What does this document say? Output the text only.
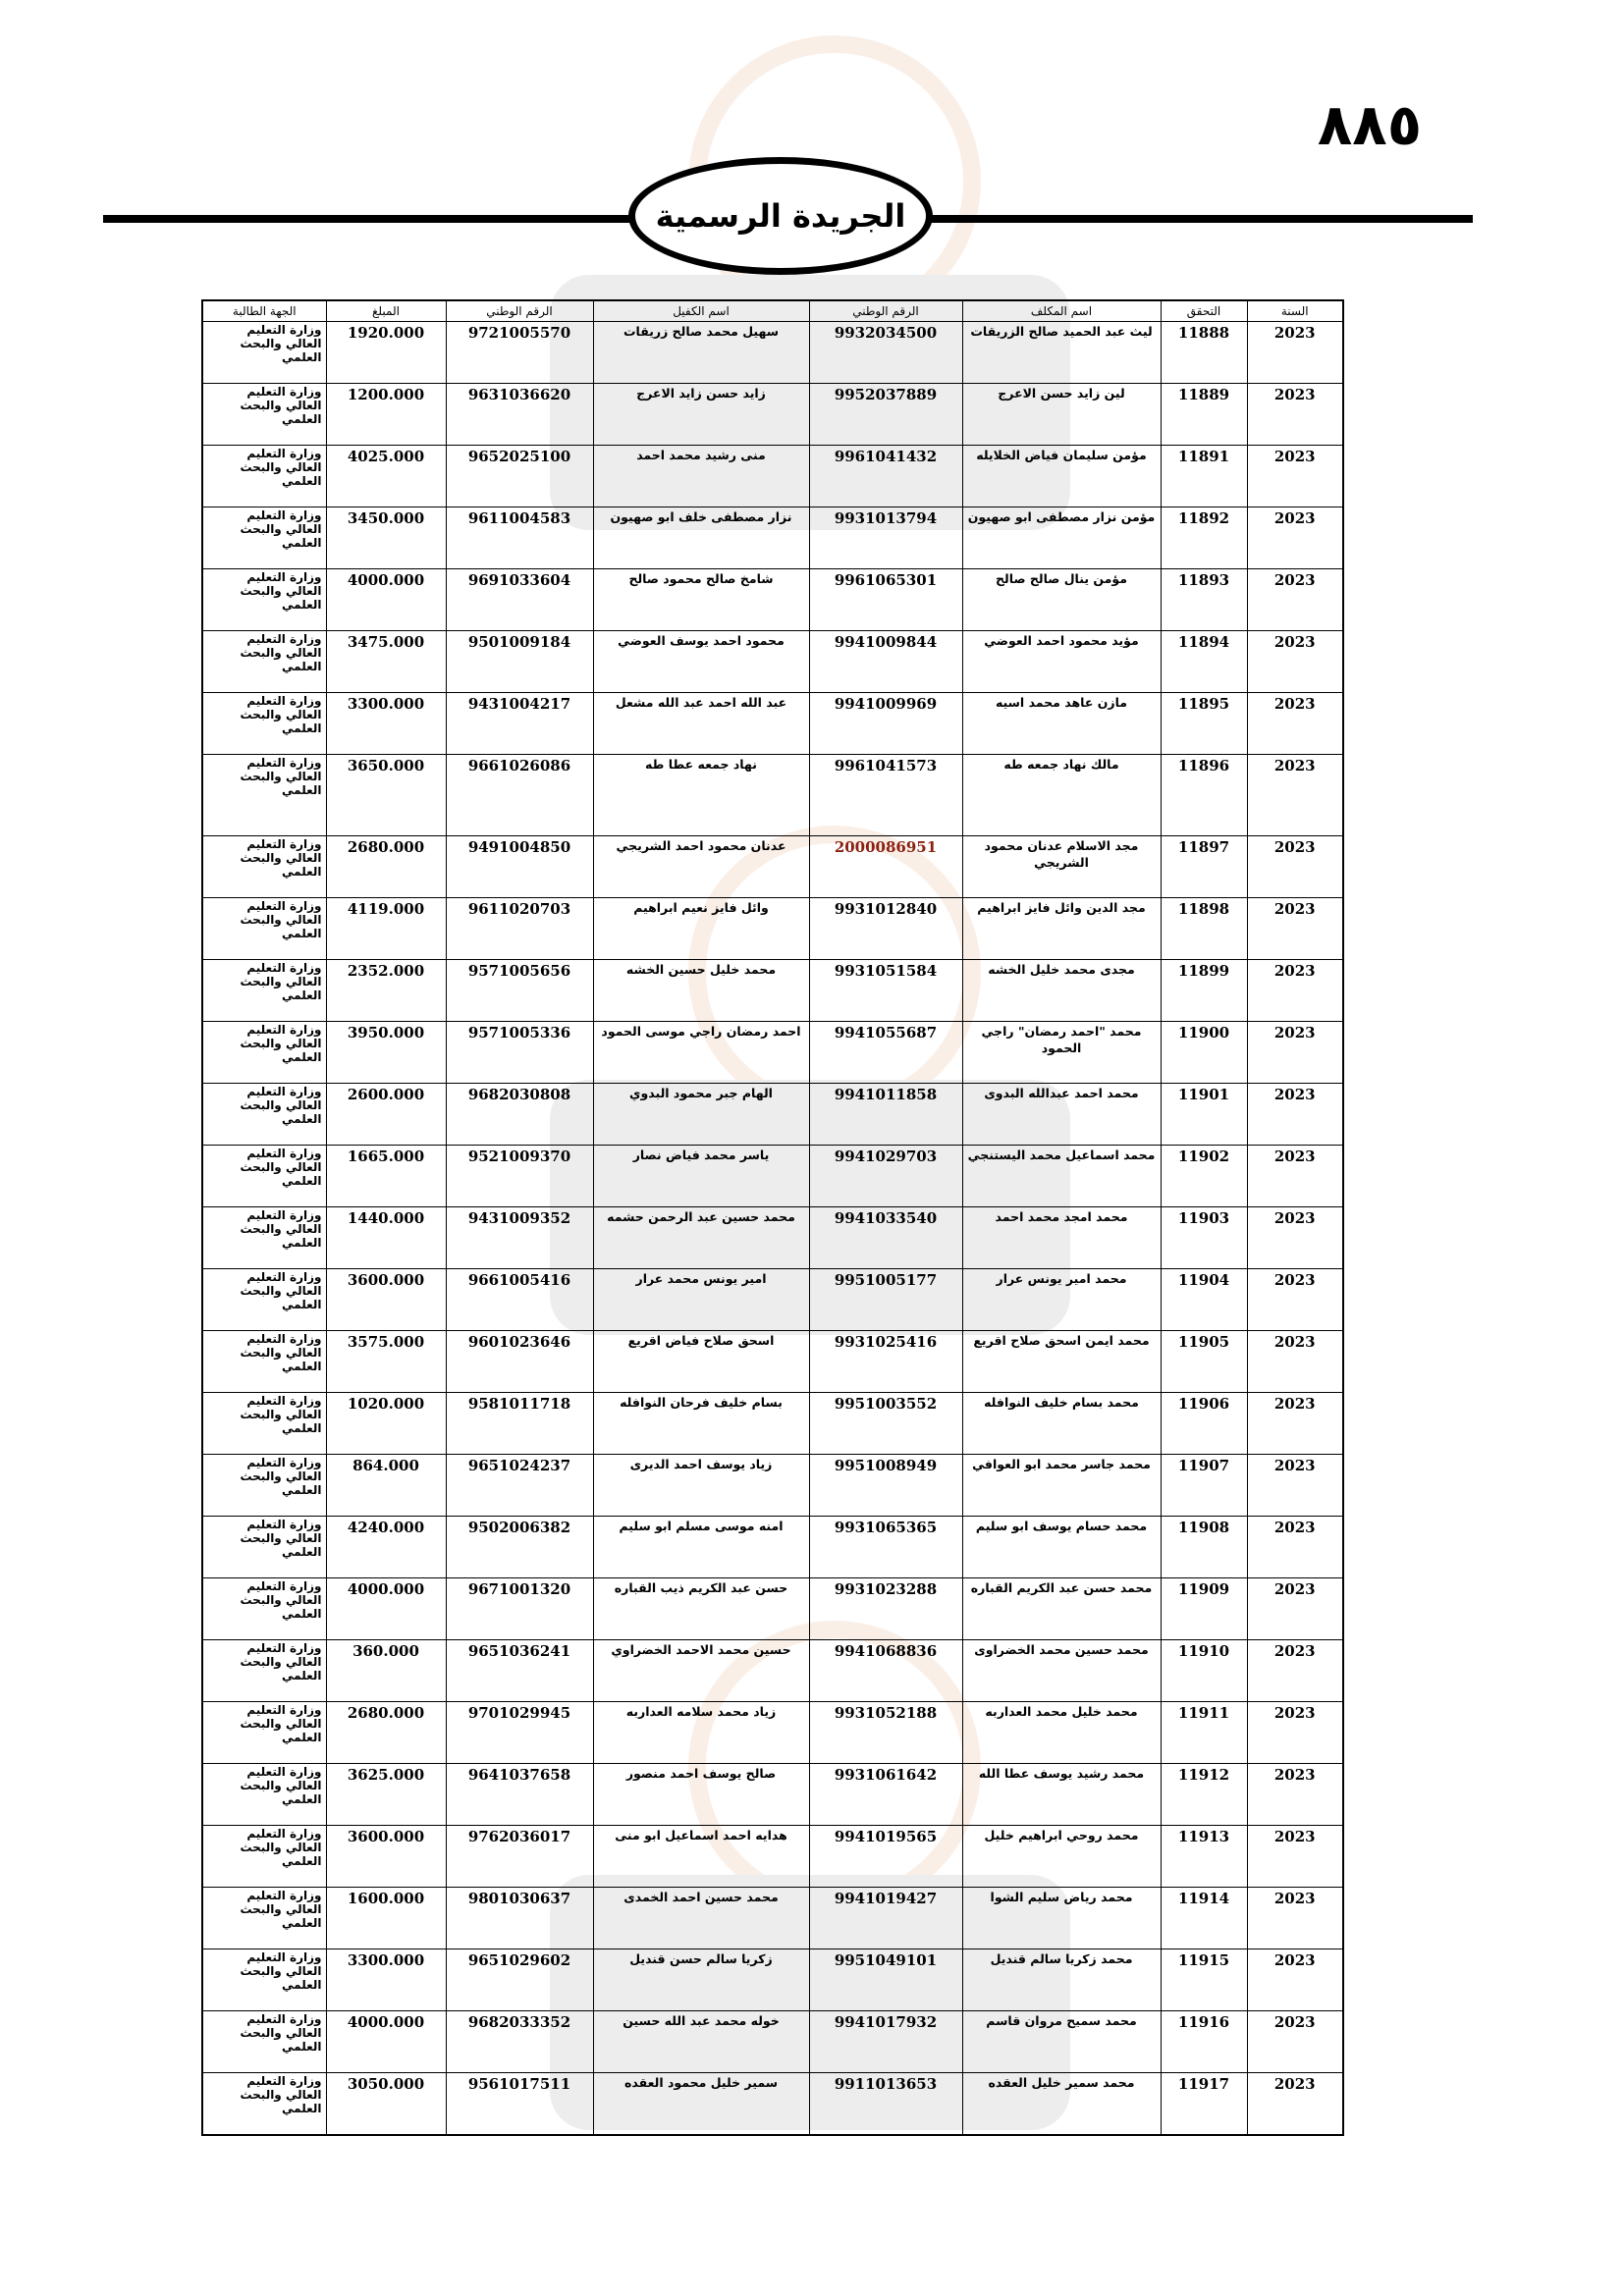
٨٨٥
الجريدة الرسمية
السنة	التحقق	اسم المكلف	الرقم الوطني	اسم الكفيل	الرقم الوطني	المبلغ	الجهة الطالبة
2023	11888	ليث عبد الحميد صالح الزريقات	9932034500	سهيل محمد صالح زريقات	9721005570	1920.000	وزارة التعليم العالي والبحث العلمي
2023	11889	لين زايد حسن الاعرج	9952037889	زايد حسن زايد الاعرج	9631036620	1200.000	وزارة التعليم العالي والبحث العلمي
2023	11891	مؤمن سليمان فياض الخلايله	9961041432	منى رشيد محمد احمد	9652025100	4025.000	وزارة التعليم العالي والبحث العلمي
2023	11892	مؤمن نزار مصطفى ابو صهيون	9931013794	نزار مصطفى خلف ابو صهيون	9611004583	3450.000	وزارة التعليم العالي والبحث العلمي
2023	11893	مؤمن ينال صالح صالح	9961065301	شامخ صالح محمود صالح	9691033604	4000.000	وزارة التعليم العالي والبحث العلمي
2023	11894	مؤيد محمود احمد العوضي	9941009844	محمود احمد يوسف العوضي	9501009184	3475.000	وزارة التعليم العالي والبحث العلمي
2023	11895	مازن عاهد محمد اسيه	9941009969	عبد الله احمد عبد الله مشعل	9431004217	3300.000	وزارة التعليم العالي والبحث العلمي
2023	11896	مالك نهاد جمعه طه	9961041573	نهاد جمعه عطا طه	9661026086	3650.000	وزارة التعليم العالي والبحث العلمي
2023	11897	مجد الاسلام عدنان محمود الشريجي	2000086951	عدنان محمود احمد الشريجي	9491004850	2680.000	وزارة التعليم العالي والبحث العلمي
2023	11898	مجد الدين وائل فايز ابراهيم	9931012840	وائل فايز نعيم ابراهيم	9611020703	4119.000	وزارة التعليم العالي والبحث العلمي
2023	11899	مجدى محمد خليل الخشه	9931051584	محمد خليل حسين الخشه	9571005656	2352.000	وزارة التعليم العالي والبحث العلمي
2023	11900	محمد "احمد رمضان" راجي الحمود	9941055687	احمد رمضان راجي موسى الحمود	9571005336	3950.000	وزارة التعليم العالي والبحث العلمي
2023	11901	محمد احمد عبدالله البدوى	9941011858	الهام جبر محمود البدوي	9682030808	2600.000	وزارة التعليم العالي والبحث العلمي
2023	11902	محمد اسماعيل محمد اليستنجي	9941029703	ياسر محمد فياض نصار	9521009370	1665.000	وزارة التعليم العالي والبحث العلمي
2023	11903	محمد امجد محمد احمد	9941033540	محمد حسين عبد الرحمن حشمه	9431009352	1440.000	وزارة التعليم العالي والبحث العلمي
2023	11904	محمد امير يونس عرار	9951005177	امير يونس محمد عرار	9661005416	3600.000	وزارة التعليم العالي والبحث العلمي
2023	11905	محمد ايمن اسحق صلاح اقريع	9931025416	اسحق صلاح فياض اقريع	9601023646	3575.000	وزارة التعليم العالي والبحث العلمي
2023	11906	محمد بسام خليف النوافله	9951003552	بسام خليف فرحان النوافله	9581011718	1020.000	وزارة التعليم العالي والبحث العلمي
2023	11907	محمد جاسر محمد ابو العوافي	9951008949	زياد يوسف احمد الديرى	9651024237	864.000	وزارة التعليم العالي والبحث العلمي
2023	11908	محمد حسام يوسف ابو سليم	9931065365	امنه موسى مسلم ابو سليم	9502006382	4240.000	وزارة التعليم العالي والبحث العلمي
2023	11909	محمد حسن عبد الكريم القباره	9931023288	حسن عبد الكريم ذيب القباره	9671001320	4000.000	وزارة التعليم العالي والبحث العلمي
2023	11910	محمد حسين محمد الخضراوى	9941068836	حسين محمد الاحمد الخضراوي	9651036241	360.000	وزارة التعليم العالي والبحث العلمي
2023	11911	محمد خليل محمد العداربه	9931052188	زياد محمد سلامه العداربه	9701029945	2680.000	وزارة التعليم العالي والبحث العلمي
2023	11912	محمد رشيد يوسف عطا الله	9931061642	صالح يوسف احمد منصور	9641037658	3625.000	وزارة التعليم العالي والبحث العلمي
2023	11913	محمد روحي ابراهيم خليل	9941019565	هدايه احمد اسماعيل ابو منى	9762036017	3600.000	وزارة التعليم العالي والبحث العلمي
2023	11914	محمد رياض سليم الشوا	9941019427	محمد حسين احمد الخمدى	9801030637	1600.000	وزارة التعليم العالي والبحث العلمي
2023	11915	محمد زكريا سالم قنديل	9951049101	زكريا سالم حسن قنديل	9651029602	3300.000	وزارة التعليم العالي والبحث العلمي
2023	11916	محمد سميح مروان قاسم	9941017932	خوله محمد عبد الله حسين	9682033352	4000.000	وزارة التعليم العالي والبحث العلمي
2023	11917	محمد سمير خليل العقده	9911013653	سمير خليل محمود العقده	9561017511	3050.000	وزارة التعليم العالي والبحث العلمي
